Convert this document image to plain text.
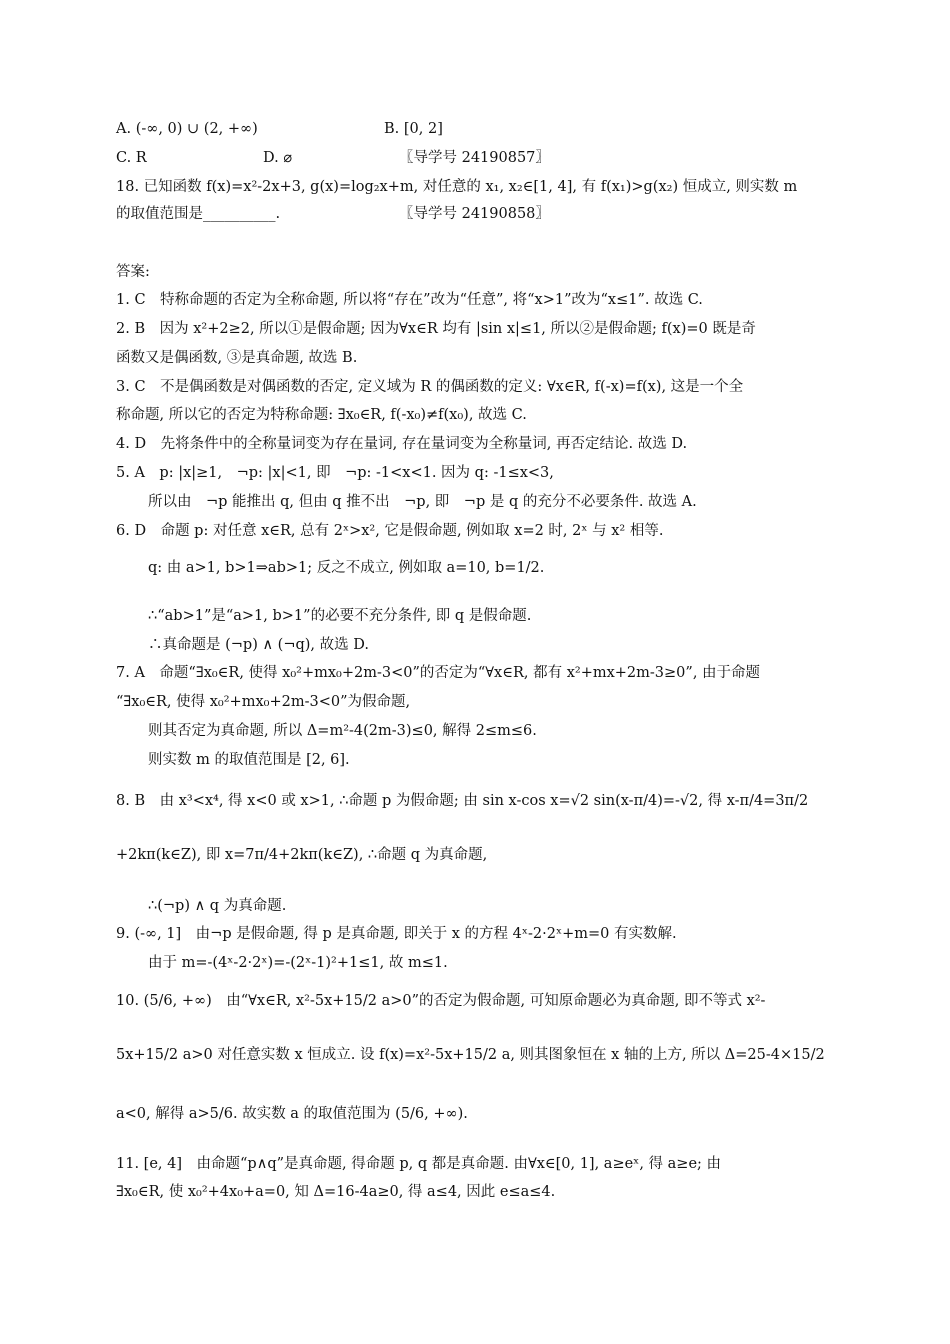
A. (-∞, 0) ∪ (2, +∞)	B. [0, 2]
C. R	D. ⌀	〖导学号 24190857〗
18. 已知函数 f(x)=x²-2x+3, g(x)=log₂x+m, 对任意的 x₁, x₂∈[1, 4], 有 f(x₁)>g(x₂) 恒成立, 则实数 m
的取值范围是__________.	〖导学号 24190858〗
答案:
1. C　特称命题的否定为全称命题, 所以将“存在”改为“任意”, 将“x>1”改为“x≤1”. 故选 C.
2. B　因为 x²+2≥2, 所以①是假命题; 因为∀x∈R 均有 |sin x|≤1, 所以②是假命题; f(x)=0 既是奇
函数又是偶函数, ③是真命题, 故选 B.
3. C　不是偶函数是对偶函数的否定, 定义域为 R 的偶函数的定义: ∀x∈R, f(-x)=f(x), 这是一个全
称命题, 所以它的否定为特称命题: ∃x₀∈R, f(-x₀)≠f(x₀), 故选 C.
4. D　先将条件中的全称量词变为存在量词, 存在量词变为全称量词, 再否定结论. 故选 D.
5. A　p: |x|≥1,　¬p: |x|<1, 即　¬p: -1<x<1. 因为 q: -1≤x<3,
所以由　¬p 能推出 q, 但由 q 推不出　¬p, 即　¬p 是 q 的充分不必要条件. 故选 A.
6. D　命题 p: 对任意 x∈R, 总有 2ˣ>x², 它是假命题, 例如取 x=2 时, 2ˣ 与 x² 相等.
q: 由 a>1, b>1⇒ab>1; 反之不成立, 例如取 a=10, b=1/2.
∴“ab>1”是“a>1, b>1”的必要不充分条件, 即 q 是假命题.
∴真命题是 (¬p) ∧ (¬q), 故选 D.
7. A　命题“∃x₀∈R, 使得 x₀²+mx₀+2m-3<0”的否定为“∀x∈R, 都有 x²+mx+2m-3≥0”, 由于命题
“∃x₀∈R, 使得 x₀²+mx₀+2m-3<0”为假命题,
则其否定为真命题, 所以 Δ=m²-4(2m-3)≤0, 解得 2≤m≤6.
则实数 m 的取值范围是 [2, 6].
8. B　由 x³<x⁴, 得 x<0 或 x>1, ∴命题 p 为假命题; 由 sin x-cos x=√2 sin(x-π/4)=-√2, 得 x-π/4=3π/2
+2kπ(k∈Z), 即 x=7π/4+2kπ(k∈Z), ∴命题 q 为真命题,
∴(¬p) ∧ q 为真命题.
9. (-∞, 1]　由¬p 是假命题, 得 p 是真命题, 即关于 x 的方程 4ˣ-2·2ˣ+m=0 有实数解.
由于 m=-(4ˣ-2·2ˣ)=-(2ˣ-1)²+1≤1, 故 m≤1.
10. (5/6, +∞)　由“∀x∈R, x²-5x+15/2 a>0”的否定为假命题, 可知原命题必为真命题, 即不等式 x²-
5x+15/2 a>0 对任意实数 x 恒成立. 设 f(x)=x²-5x+15/2 a, 则其图象恒在 x 轴的上方, 所以 Δ=25-4×15/2
a<0, 解得 a>5/6. 故实数 a 的取值范围为 (5/6, +∞).
11. [e, 4]　由命题“p∧q”是真命题, 得命题 p, q 都是真命题. 由∀x∈[0, 1], a≥eˣ, 得 a≥e; 由
∃x₀∈R, 使 x₀²+4x₀+a=0, 知 Δ=16-4a≥0, 得 a≤4, 因此 e≤a≤4.
